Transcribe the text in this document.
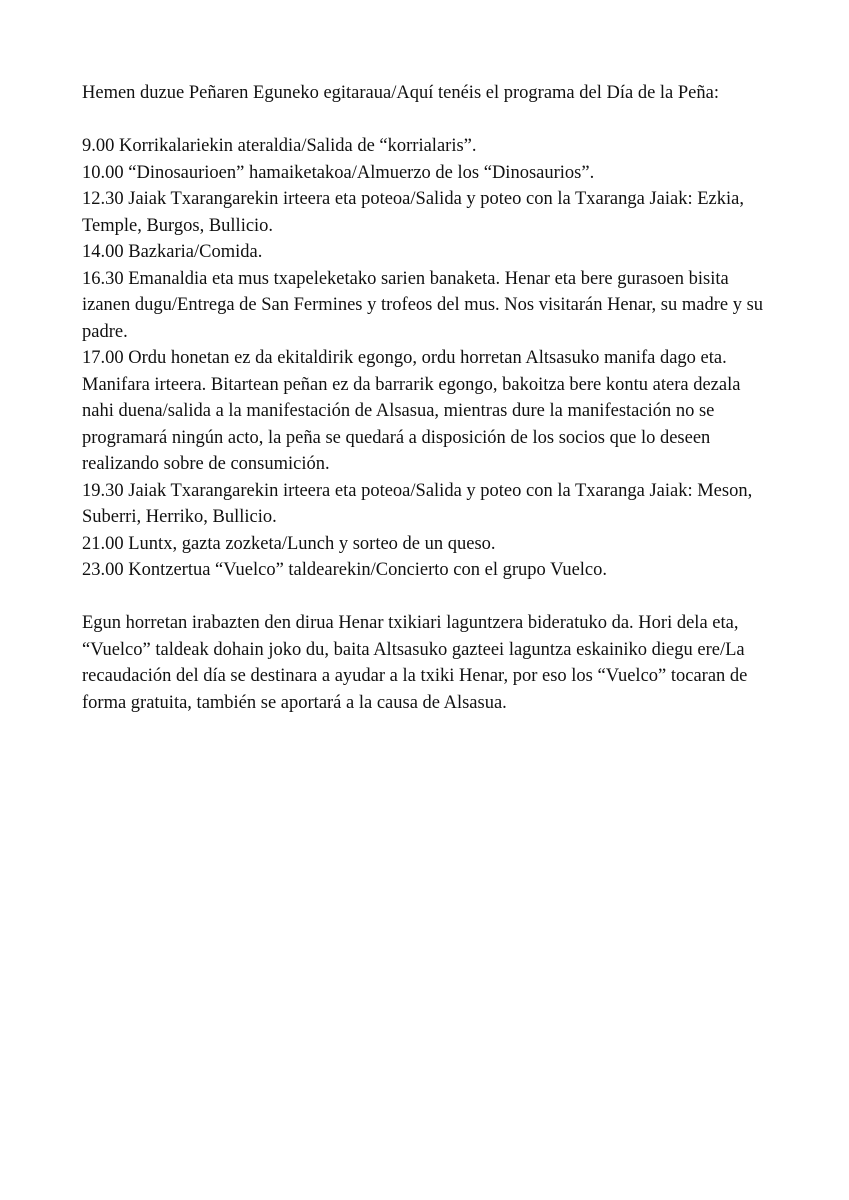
Hemen duzue Peñaren Eguneko egitaraua/Aquí tenéis el programa del Día de la Peña:

9.00 Korrikalariekin ateraldia/Salida de “korrialaris”.

10.00 “Dinosaurioen” hamaiketakoa/Almuerzo de los “Dinosaurios”.

12.30 Jaiak Txarangarekin irteera eta poteoa/Salida y poteo con la Txaranga Jaiak: Ezkia, Temple, Burgos, Bullicio.

14.00 Bazkaria/Comida.

16.30 Emanaldia eta mus txapeleketako sarien banaketa. Henar eta bere gurasoen bisita izanen dugu/Entrega de San Fermines y trofeos del mus. Nos visitarán Henar, su madre y su padre.

17.00 Ordu honetan ez da ekitaldirik egongo, ordu horretan Altsasuko manifa dago eta. Manifara irteera. Bitartean peñan ez da barrarik egongo, bakoitza bere kontu atera dezala nahi duena/salida a la manifestación de Alsasua, mientras dure la manifestación no se programará ningún acto, la peña se quedará a disposición de los socios que lo deseen realizando sobre de consumición.

19.30 Jaiak Txarangarekin irteera eta poteoa/Salida y poteo con la Txaranga Jaiak: Meson, Suberri, Herriko, Bullicio.

21.00 Luntx, gazta zozketa/Lunch y sorteo de un queso.

23.00 Kontzertua “Vuelco” taldearekin/Concierto con el grupo Vuelco.

Egun horretan irabazten den dirua Henar txikiari laguntzera bideratuko da. Hori dela eta, “Vuelco” taldeak dohain joko du, baita Altsasuko gazteei laguntza eskainiko diegu ere/La recaudación del día se destinara a ayudar a la txiki Henar, por eso los “Vuelco” tocaran de forma gratuita, también se aportará a la causa de Alsasua.
